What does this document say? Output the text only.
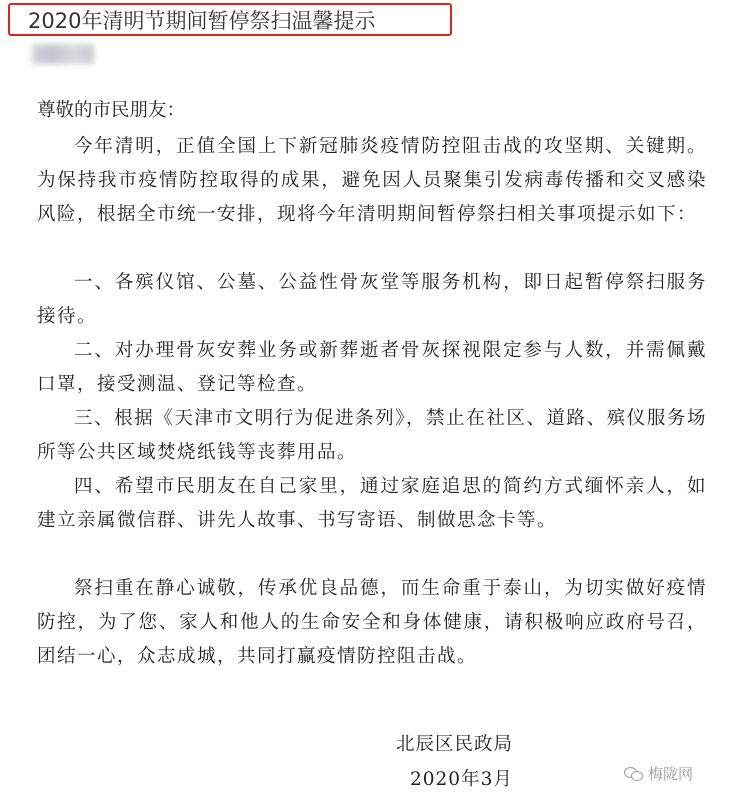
2020年清明节期间暂停祭扫温馨提示
尊敬的市民朋友：
今年清明，正值全国上下新冠肺炎疫情防控阻击战的攻坚期、关键期。为保持我市疫情防控取得的成果，避免因人员聚集引发病毒传播和交叉感染风险，根据全市统一安排，现将今年清明期间暂停祭扫相关事项提示如下：
一、各殡仪馆、公墓、公益性骨灰堂等服务机构，即日起暂停祭扫服务接待。
二、对办理骨灰安葬业务或新葬逝者骨灰探视限定参与人数，并需佩戴口罩，接受测温、登记等检查。
三、根据《天津市文明行为促进条列》，禁止在社区、道路、殡仪服务场所等公共区域焚烧纸钱等丧葬用品。
四、希望市民朋友在自己家里，通过家庭追思的简约方式缅怀亲人，如建立亲属微信群、讲先人故事、书写寄语、制做思念卡等。
祭扫重在静心诚敬，传承优良品德，而生命重于泰山，为切实做好疫情防控，为了您、家人和他人的生命安全和身体健康，请积极响应政府号召，团结一心，众志成城，共同打赢疫情防控阻击战。
北辰区民政局
2020年3月	梅陇网
